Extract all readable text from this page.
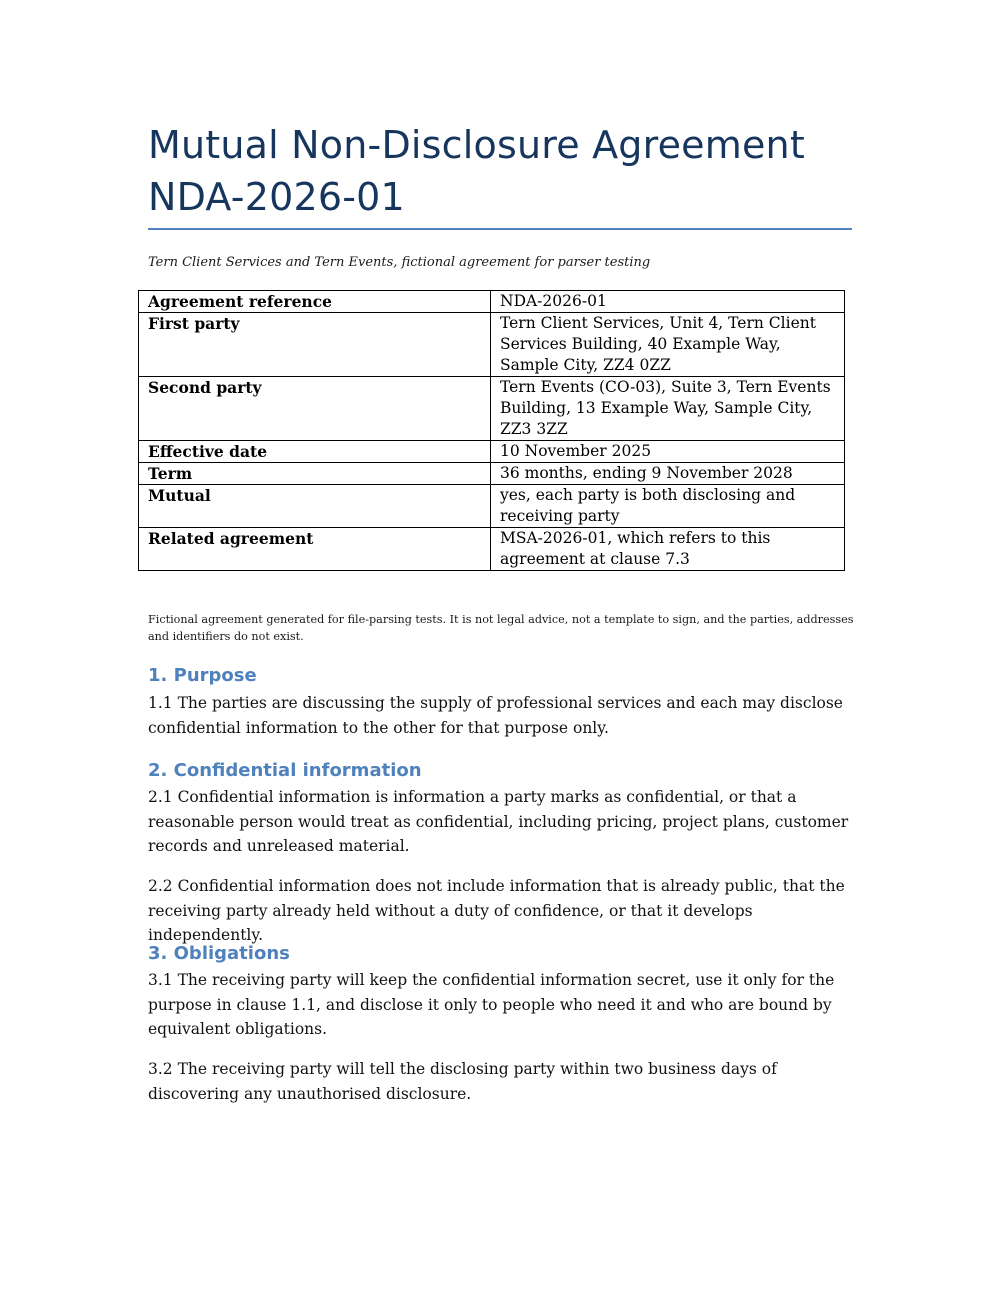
Mutual Non-Disclosure Agreement
NDA-2026-01
Tern Client Services and Tern Events, fictional agreement for parser testing
Agreement reference	NDA-2026-01
First party	Tern Client Services, Unit 4, Tern Client Services Building, 40 Example Way, Sample City, ZZ4 0ZZ
Second party	Tern Events (CO-03), Suite 3, Tern Events Building, 13 Example Way, Sample City, ZZ3 3ZZ
Effective date	10 November 2025
Term	36 months, ending 9 November 2028
Mutual	yes, each party is both disclosing and receiving party
Related agreement	MSA-2026-01, which refers to this agreement at clause 7.3
Fictional agreement generated for file-parsing tests. It is not legal advice, not a template to sign, and the parties, addresses and identifiers do not exist.
1. Purpose

1.1 The parties are discussing the supply of professional services and each may disclose confidential information to the other for that purpose only.

2. Confidential information

2.1 Confidential information is information a party marks as confidential, or that a reasonable person would treat as confidential, including pricing, project plans, customer records and unreleased material.

2.2 Confidential information does not include information that is already public, that the receiving party already held without a duty of confidence, or that it develops independently.

3. Obligations

3.1 The receiving party will keep the confidential information secret, use it only for the purpose in clause 1.1, and disclose it only to people who need it and who are bound by equivalent obligations.

3.2 The receiving party will tell the disclosing party within two business days of discovering any unauthorised disclosure.
